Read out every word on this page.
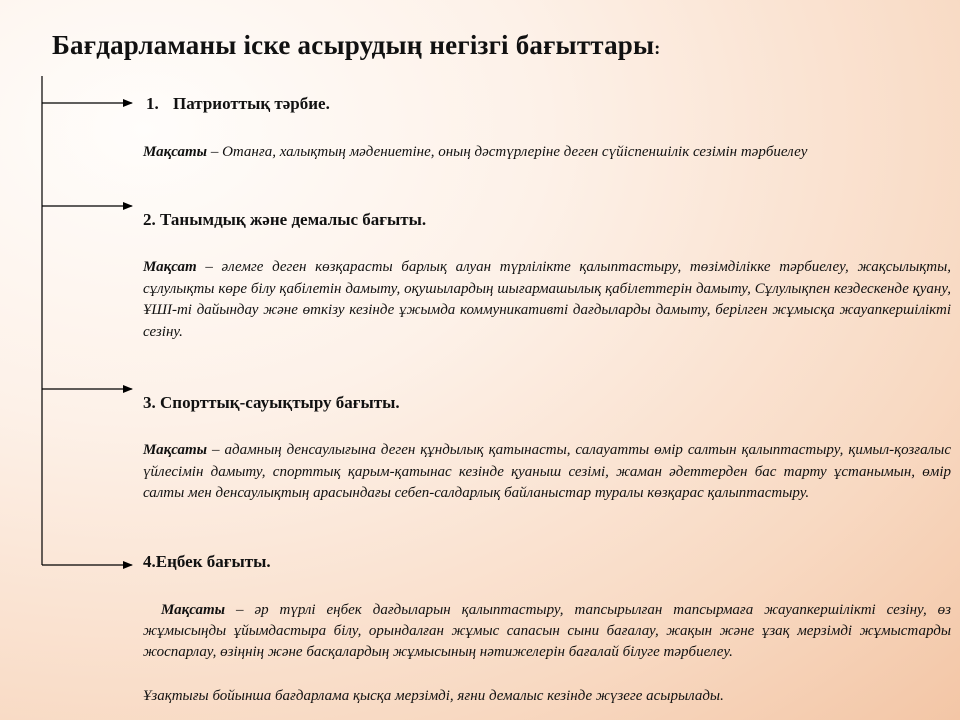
Бағдарламаны іске асырудың негізгі бағыттары:
1. Патриоттық тәрбие.
Мақсаты – Отанға, халықтың мәдениетіне, оның дәстүрлеріне деген сүйіспеншілік сезімін тәрбиелеу
2. Танымдық және демалыс бағыты.
Мақсат – әлемге деген көзқарасты барлық алуан түрлілікте қалыптастыру, төзімділікке тәрбиелеу, жақсылықты, сұлулықты көре білу қабілетін дамыту, оқушылардың шығармашылық қабілеттерін дамыту, Сұлулықпен кездескенде қуану, ҰШІ-ті дайындау және өткізу кезінде ұжымда коммуникативті дағдыларды дамыту, берілген жұмысқа жауапкершілікті сезіну.
3. Спорттық-сауықтыру бағыты.
Мақсаты – адамның денсаулығына деген құндылық қатынасты, салауатты өмір салтын қалыптастыру, қимыл-қозғалыс үйлесімін дамыту, спорттық қарым-қатынас кезінде қуаныш сезімі, жаман әдеттерден бас тарту ұстанымын, өмір салты мен денсаулықтың арасындағы себеп-салдарлық байланыстар туралы көзқарас қалыптастыру.
4.Еңбек бағыты.
Мақсаты – әр түрлі еңбек дағдыларын қалыптастыру, тапсырылған тапсырмаға жауапкершілікті сезіну, өз жұмысыңды ұйымдастыра білу, орындалған жұмыс сапасын сыни бағалау, жақын және ұзақ мерзімді жұмыстарды жоспарлау, өзіңнің және басқалардың жұмысының нәтижелерін бағалай білуге тәрбиелеу.
Ұзақтығы бойынша бағдарлама қысқа мерзімді, яғни демалыс кезінде жүзеге асырылады.
